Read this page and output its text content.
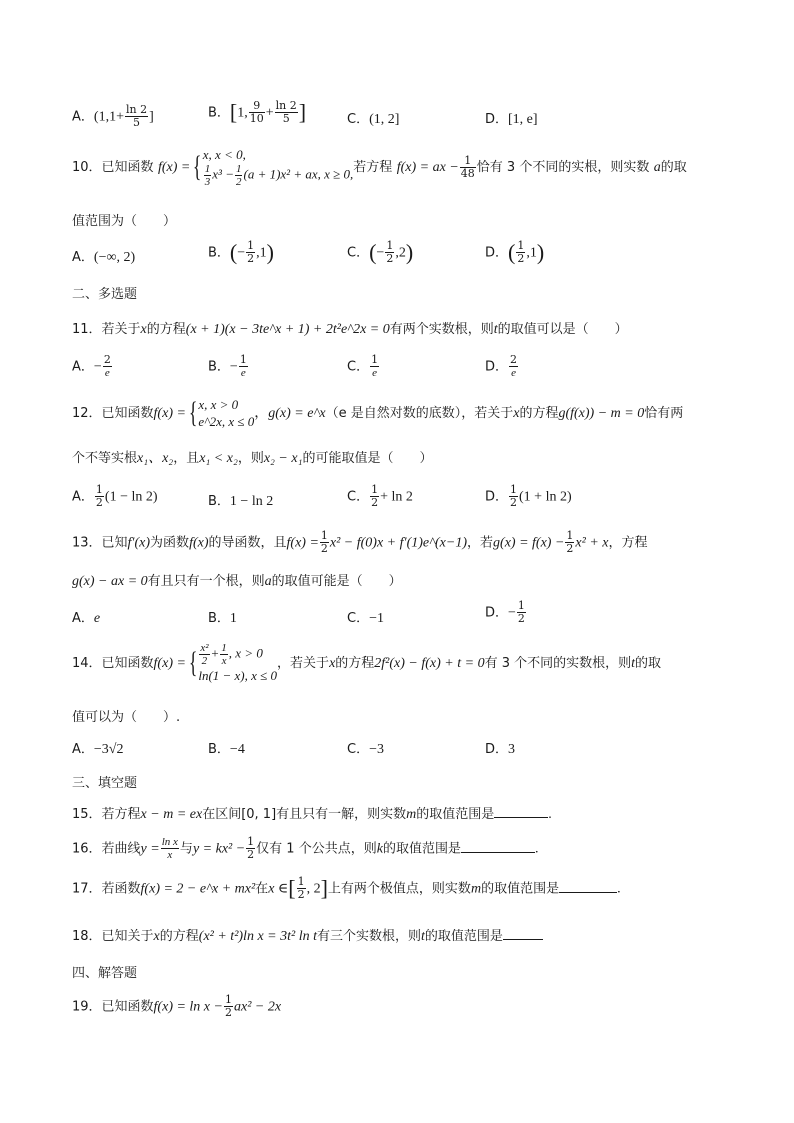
A．($1,1+ \frac{\ln 2}{5}$ ]	B．[1, $\frac{9}{10} + \frac{\ln 2}{5}$ ]	C．(1, 2]	D．[1, e]
10．已知函数 f(x) ={ x, x < 0,
$\frac{1}{3} x^3 - \frac{1}{2} (a + 1)x^2$ + ax, x ≥ 0, 若方程 f(x) = ax − $\frac{1}{48}$ 恰有 3 个不同的实根，则实数 a的取
值范围为（　　）
A．(−∞, 2)	B．(− $\frac{1}{2} ,1$)	C．(− $\frac{1}{2} ,2$)	D．( $\frac{1}{2} ,1$)
二、多选题
11．若关于x的方程(x + 1)(x − 3te^x + 1) + 2t²e^2x = 0有两个实数根，则t的取值可以是（　　）
A．− $\frac{2}{e}$	B．− $\frac{1}{e}$	C． $\frac{1}{e}$	D． $\frac{2}{e}$
12．已知函数f(x) ={ x, x > 0
e^2x, x ≤ 0
，g(x) = e^x（e 是自然对数的底数），若关于x的方程g(f(x)) − m = 0恰有两
个不等实根x₁、x₂，且x₁ < x₂，则x₂ − x₁的可能取值是（　　）
A． $\frac{1}{2} (1 - \ln 2)$	B．1 − ln 2	C． $\frac{1}{2} + \ln 2$	D． $\frac{1}{2} (1 + \ln 2)$
13．已知f′(x)为函数f(x)的导函数，且$f(x) = \frac{1}{2} x^2 - f(0)x$ + f′(1)e^(x−1)，若$g(x) = f(x) - \frac{1}{2} x^2 + x$，方程
g(x) − ax = 0有且只有一个根，则a的取值可能是（　　）
A．e	B．1	C．−1	D．− $\frac{1}{2}$
14．已知函数f(x) ={ $\frac{\text{x²}}{2} + \frac{1}{x}$ , x > 0
ln(1 − x), x ≤ 0
，若关于x的方程2f²(x) − f(x) + t = 0有 3 个不同的实数根，则t的取
值可以为（　　）.
A．−3√2	B．−4	C．−3	D．3
三、填空题
15．若方程x − m = ex在区间[0, 1]有且只有一解，则实数m的取值范围是	.
16．若曲线$y = \frac{\text{ln x}}{x}$ 与$y = kx^2 - \frac{1}{2}$ 仅有 1 个公共点，则k的取值范围是	.
17．若函数f(x) = 2 − e^x + mx²在x ∈[ $\frac{1}{2}$ , 2]上有两个极值点，则实数m的取值范围是	.
18．已知关于x的方程(x² + t²)ln x = 3t² ln t有三个实数根，则t的取值范围是
四、解答题
19．已知函数$f(x) = \ln x - \frac{1}{2} ax^2 - 2x$
